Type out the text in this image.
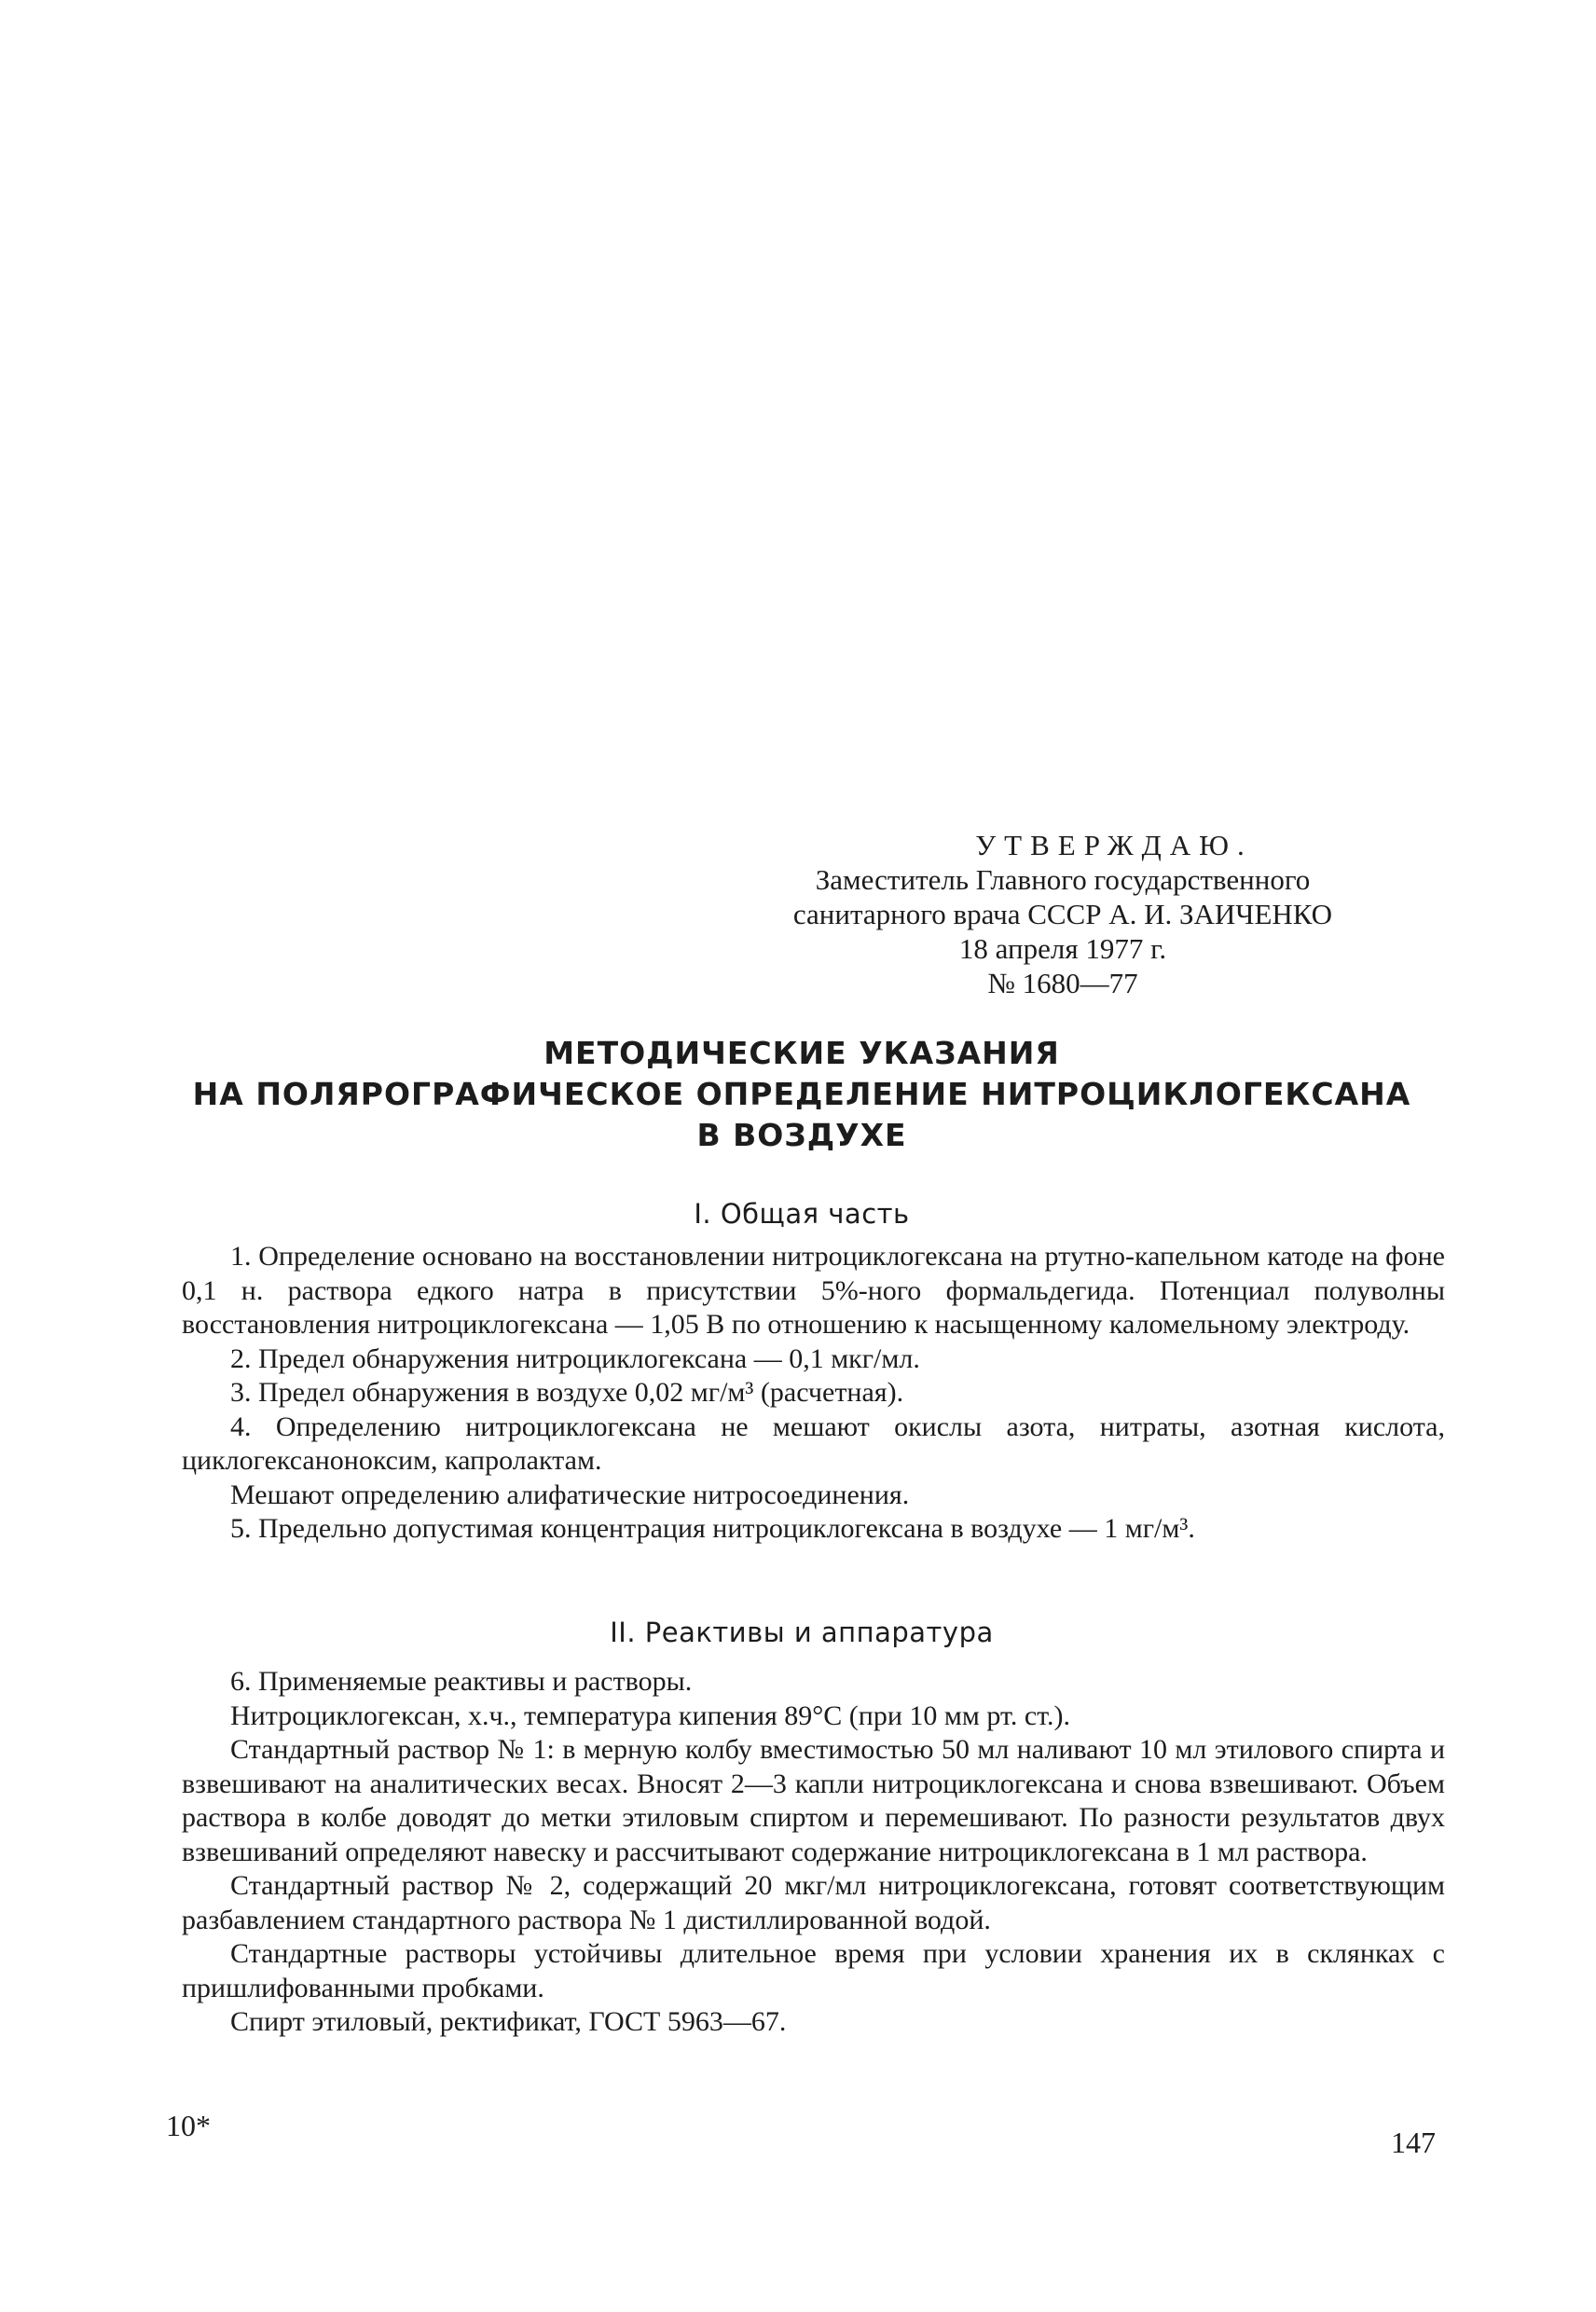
УТВЕРЖДАЮ.
Заместитель Главного государственного
санитарного врача СССР А. И. ЗАИЧЕНКО
18 апреля 1977 г.
№ 1680—77
МЕТОДИЧЕСКИЕ УКАЗАНИЯ
НА ПОЛЯРОГРАФИЧЕСКОЕ ОПРЕДЕЛЕНИЕ НИТРОЦИКЛОГЕКСАНА
В ВОЗДУХЕ
I. Общая часть

1. Определение основано на восстановлении нитроциклогексана на ртутно-капельном катоде на фоне 0,1 н. раствора едкого натра в присутствии 5%-ного формальдегида. Потенциал полуволны восстановления нитроциклогексана — 1,05 В по отношению к насыщенному каломельному электроду.

2. Предел обнаружения нитроциклогексана — 0,1 мкг/мл.

3. Предел обнаружения в воздухе 0,02 мг/м³ (расчетная).

4. Определению нитроциклогексана не мешают окислы азота, нитраты, азотная кислота, циклогексаноноксим, капролактам.

Мешают определению алифатические нитросоединения.

5. Предельно допустимая концентрация нитроциклогексана в воздухе — 1 мг/м³.

II. Реактивы и аппаратура

6. Применяемые реактивы и растворы.

Нитроциклогексан, х.ч., температура кипения 89°С (при 10 мм рт. ст.).

Стандартный раствор № 1: в мерную колбу вместимостью 50 мл наливают 10 мл этилового спирта и взвешивают на аналитических весах. Вносят 2—3 капли нитроциклогексана и снова взвешивают. Объем раствора в колбе доводят до метки этиловым спиртом и перемешивают. По разности результатов двух взвешиваний определяют навеску и рассчитывают содержание нитроциклогексана в 1 мл раствора.

Стандартный раствор № 2, содержащий 20 мкг/мл нитроциклогексана, готовят соответствующим разбавлением стандартного раствора № 1 дистиллированной водой.

Стандартные растворы устойчивы длительное время при условии хранения их в склянках с пришлифованными пробками.

Спирт этиловый, ректификат, ГОСТ 5963—67.

10*	147
